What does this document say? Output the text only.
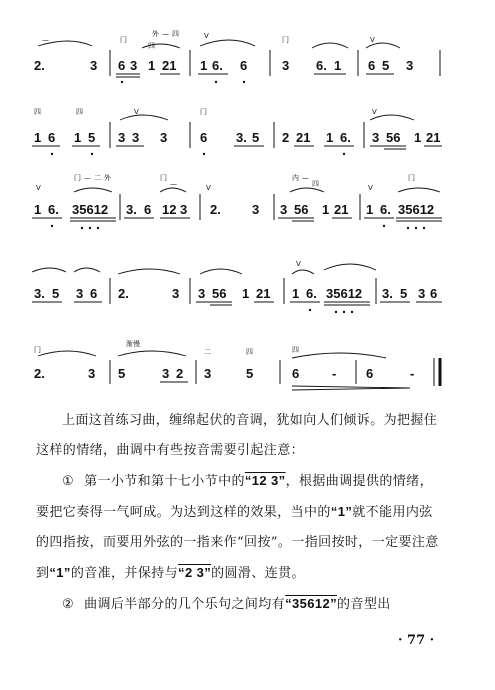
—
2.	3
冂
外 — 四
四
6 3 1 21
V
1 6. 6
冂
3 6. 1
V
6 5 3
四	四
1 6 1 5
V
3 3 3
冂
6 3. 5 2 21 1 6.
V
3 56 1 21
V
冂 — 二 外
1 6. 35612 3. 6
冂
—
12 3
V
2. 3
内 —
四
3 56 1 21
V
冂
1 6. 35612
3. 5 3 6 2.	3 3 56 1 21
V
1 6. 35612 3. 5 3 6
冂
2.	3
渐慢
5	3 2
二	四
3	5
四
6	- 6	-

上面这首练习曲，缠绵起伏的音调，犹如向人们倾诉。为把握住这样的情绪，曲调中有些按音需要引起注意：

① 第一小节和第十七小节中的“12 3”，根据曲调提供的情绪，要把它奏得一气呵成。为达到这样的效果，当中的“1”就不能用内弦的四指按，而要用外弦的一指来作“回按”。一指回按时，一定要注意到“1”的音准，并保持与“2 3”的圆滑、连贯。

② 曲调后半部分的几个乐句之间均有“35612”的音型出

· 77 ·
